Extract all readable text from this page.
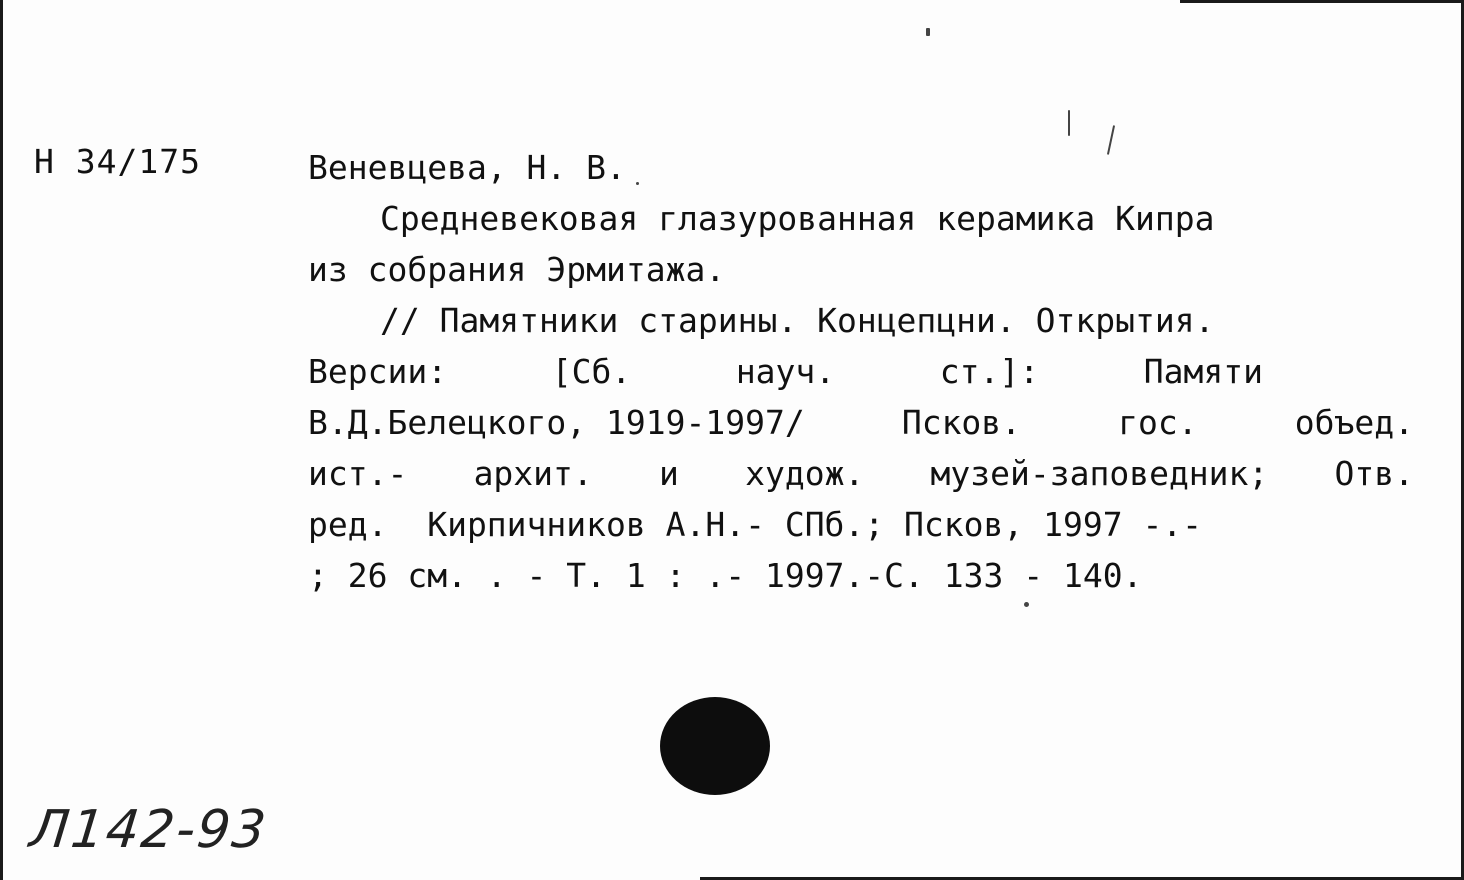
Н 34/175	Веневцева, Н. В.
Средневековая глазурованная керамика Кипра
из собрания Эрмитажа.
// Памятники старины. Концепцни. Открытия.
Версии:	[Сб.	науч.	ст.]:	Памяти
В.Д.Белецкого, 1919-1997/	Псков.	гос.	объед.
ист.- архит. и худож. музей-заповедник; Отв.
ред.  Кирпичников А.Н.- СПб.; Псков, 1997 -.-
; 26 см. . - Т. 1 : .- 1997.-С. 133 - 140.
Л142-93
